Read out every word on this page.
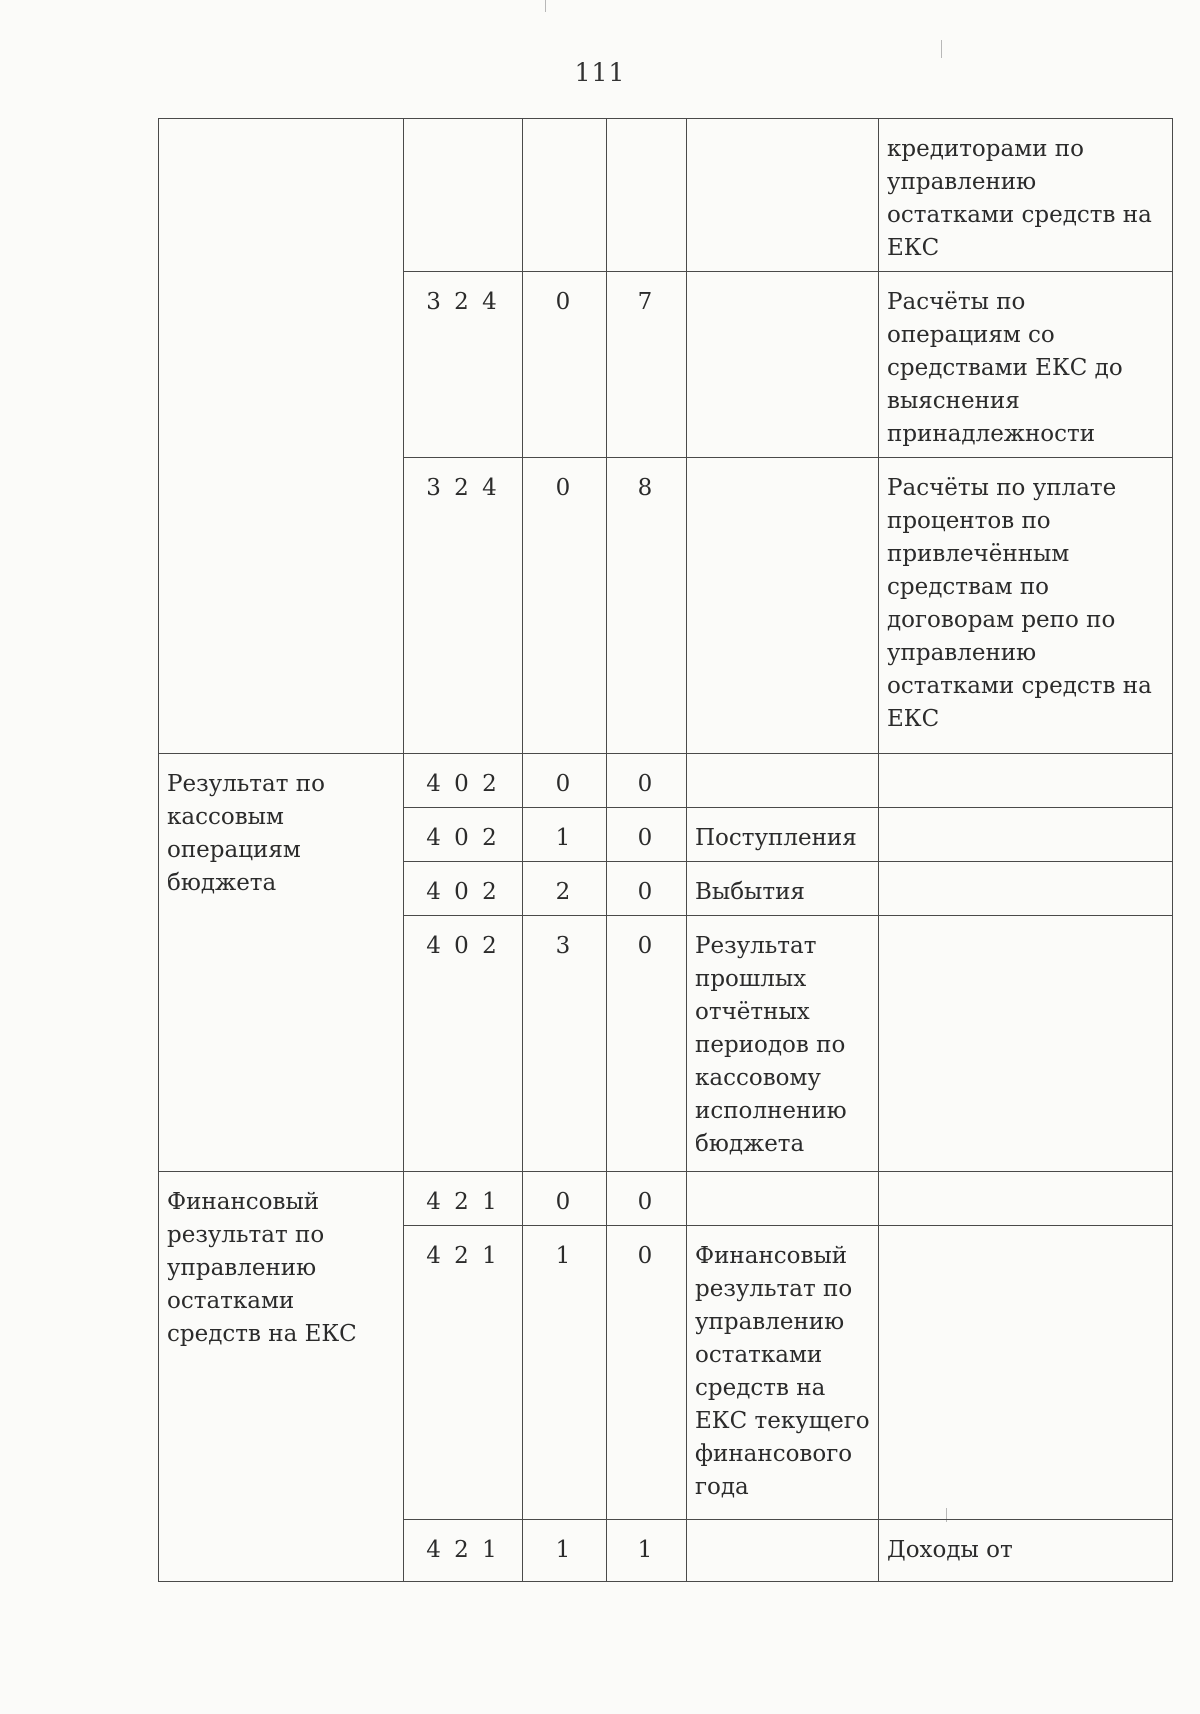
111
					кредиторами по управлению остатками средств на ЕКС
	3 2 4	0	7		Расчёты по операциям со средствами ЕКС до выяснения принадлежности
	3 2 4	0	8		Расчёты по уплате процентов по привлечённым средствам по договорам репо по управлению остатками средств на ЕКС
Результат по кассовым операциям бюджета	4 0 2	0	0		
	4 0 2	1	0	Поступления	
	4 0 2	2	0	Выбытия	
	4 0 2	3	0	Результат прошлых отчётных периодов по кассовому исполнению бюджета	
Финансовый результат по управлению остатками средств на ЕКС	4 2 1	0	0		
	4 2 1	1	0	Финансовый результат по управлению остатками средств на ЕКС текущего финансового года	
	4 2 1	1	1		Доходы от
